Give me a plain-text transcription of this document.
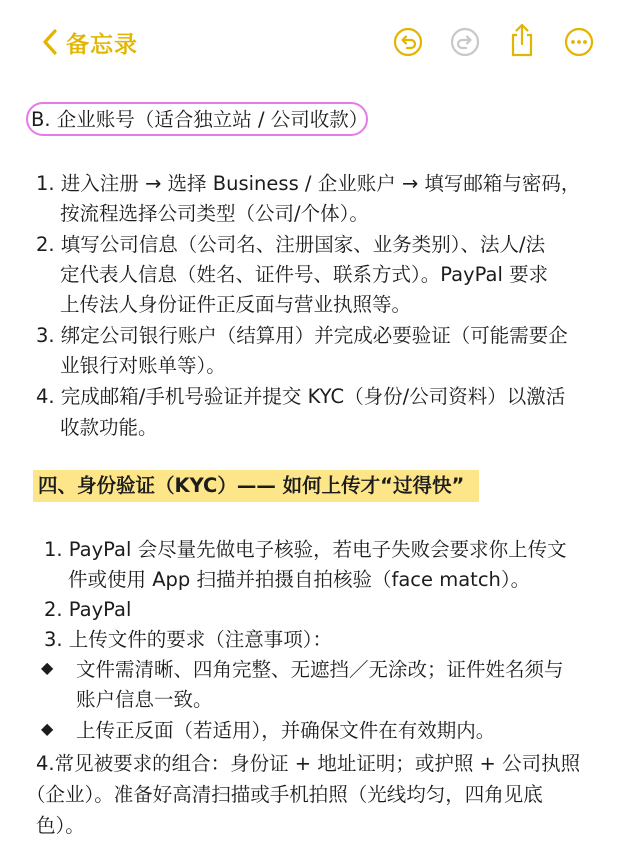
备忘录
B. 企业账号（适合独立站 / 公司收款）
1. 进入注册 → 选择 Business / 企业账户 → 填写邮箱与密码，
按流程选择公司类型（公司/个体）。
2. 填写公司信息（公司名、注册国家、业务类别）、法人/法
定代表人信息（姓名、证件号、联系方式）。PayPal 要求
上传法人身份证件正反面与营业执照等。
3. 绑定公司银行账户（结算用）并完成必要验证（可能需要企
业银行对账单等）。
4. 完成邮箱/手机号验证并提交 KYC（身份/公司资料）以激活
收款功能。
四、身份验证（KYC）—— 如何上传才“过得快”
1. PayPal 会尽量先做电子核验，若电子失败会要求你上传文
件或使用 App 扫描并拍摄自拍核验（face match）。
2. PayPal
3. 上传文件的要求（注意事项）：
◆ 文件需清晰、四角完整、无遮挡／无涂改；证件姓名须与
账户信息一致。
◆ 上传正反面（若适用），并确保文件在有效期内。
4.常见被要求的组合：身份证 + 地址证明；或护照 + 公司执照
（企业）。准备好高清扫描或手机拍照（光线均匀，四角见底
色）。
